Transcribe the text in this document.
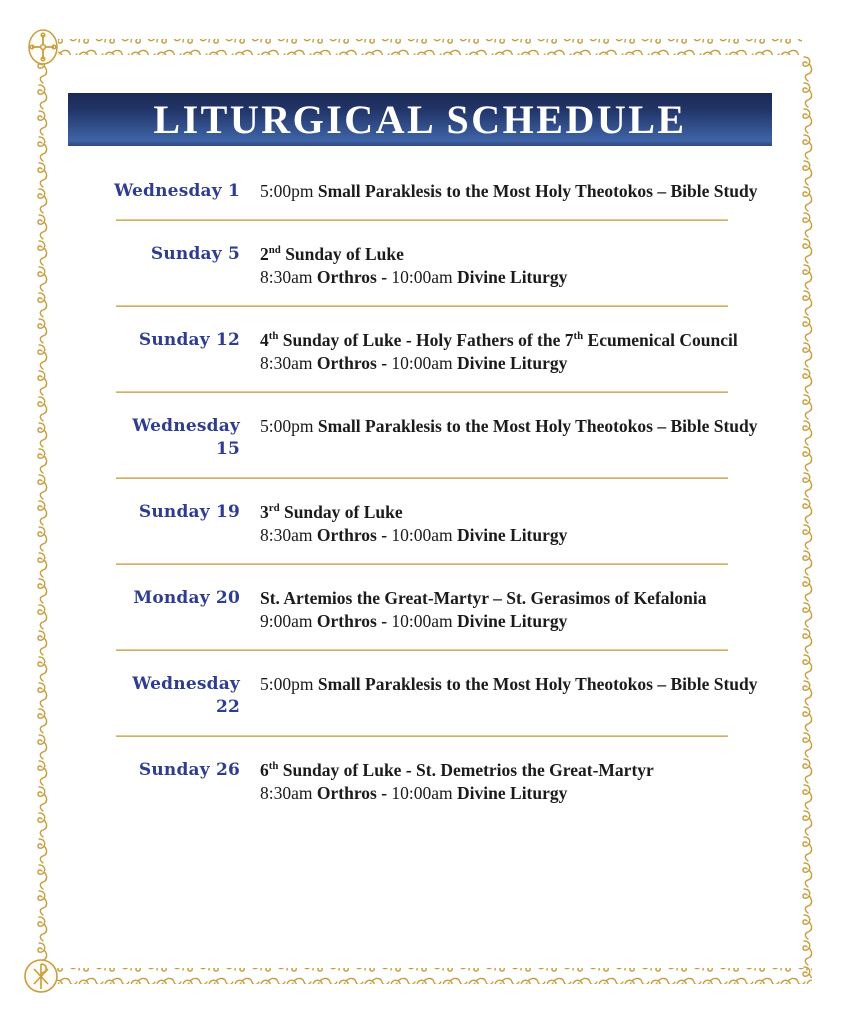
LITURGICAL SCHEDULE
Wednesday 1 5:00pm Small Paraklesis to the Most Holy Theotokos – Bible Study
Sunday 5 2nd Sunday of Luke
8:30am Orthros - 10:00am Divine Liturgy
Sunday 12 4th Sunday of Luke - Holy Fathers of the 7th Ecumenical Council
8:30am Orthros - 10:00am Divine Liturgy
Wednesday 15
5:00pm Small Paraklesis to the Most Holy Theotokos – Bible Study
Sunday 19 3rd Sunday of Luke
8:30am Orthros - 10:00am Divine Liturgy
Monday 20 St. Artemios the Great-Martyr – St. Gerasimos of Kefalonia
9:00am Orthros - 10:00am Divine Liturgy
Wednesday 22
5:00pm Small Paraklesis to the Most Holy Theotokos – Bible Study
Sunday 26 6th Sunday of Luke - St. Demetrios the Great-Martyr
8:30am Orthros - 10:00am Divine Liturgy
